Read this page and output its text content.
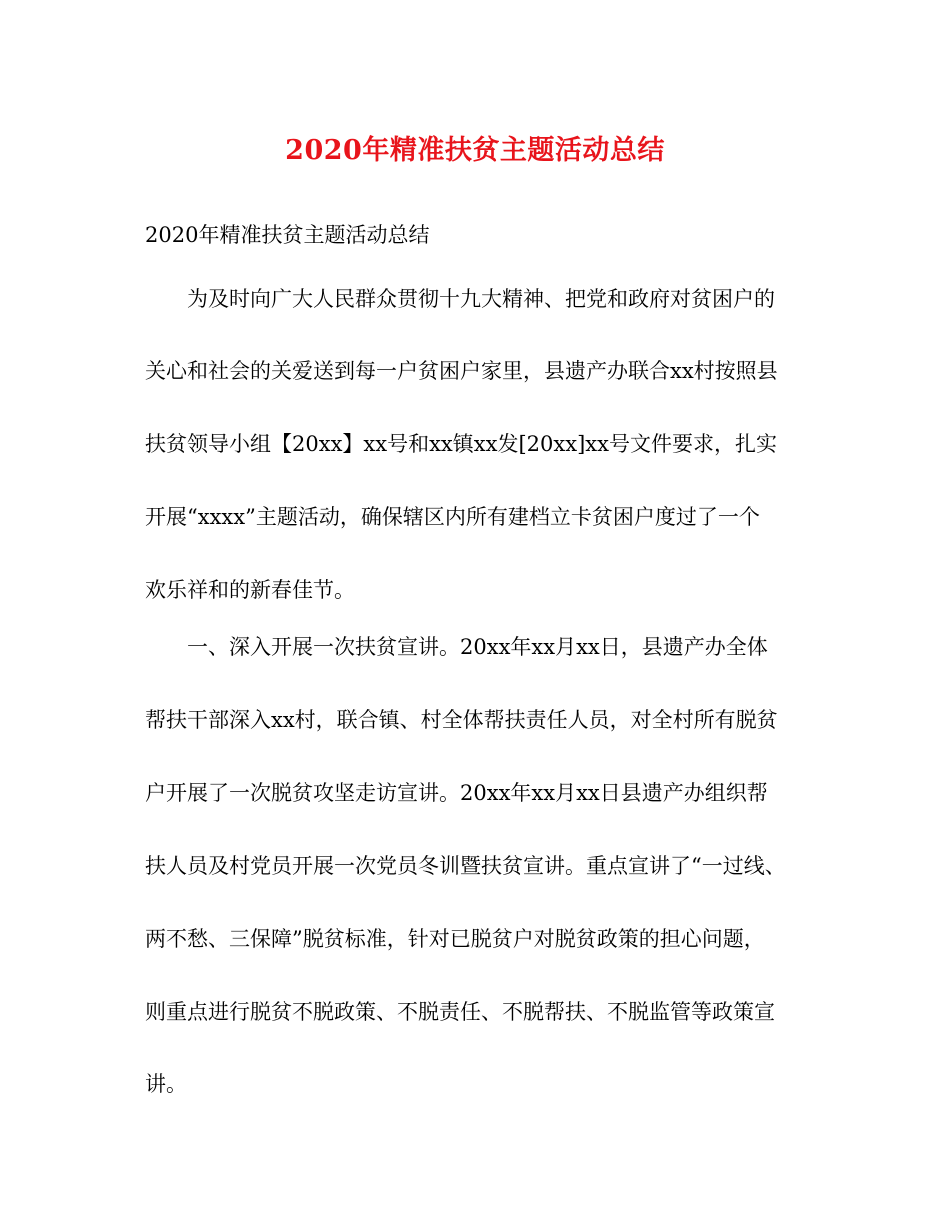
2020年精准扶贫主题活动总结
2020年精准扶贫主题活动总结
为及时向广大人民群众贯彻十九大精神、把党和政府对贫困户的
关心和社会的关爱送到每一户贫困户家里，县遗产办联合xx村按照县
扶贫领导小组【20xx】xx号和xx镇xx发[20xx]xx号文件要求，扎实
开展“xxxx”主题活动，确保辖区内所有建档立卡贫困户度过了一个
欢乐祥和的新春佳节。
一、深入开展一次扶贫宣讲。20xx年xx月xx日，县遗产办全体
帮扶干部深入xx村，联合镇、村全体帮扶责任人员，对全村所有脱贫
户开展了一次脱贫攻坚走访宣讲。20xx年xx月xx日县遗产办组织帮
扶人员及村党员开展一次党员冬训暨扶贫宣讲。重点宣讲了“一过线、
两不愁、三保障”脱贫标准，针对已脱贫户对脱贫政策的担心问题，
则重点进行脱贫不脱政策、不脱责任、不脱帮扶、不脱监管等政策宣
讲。
